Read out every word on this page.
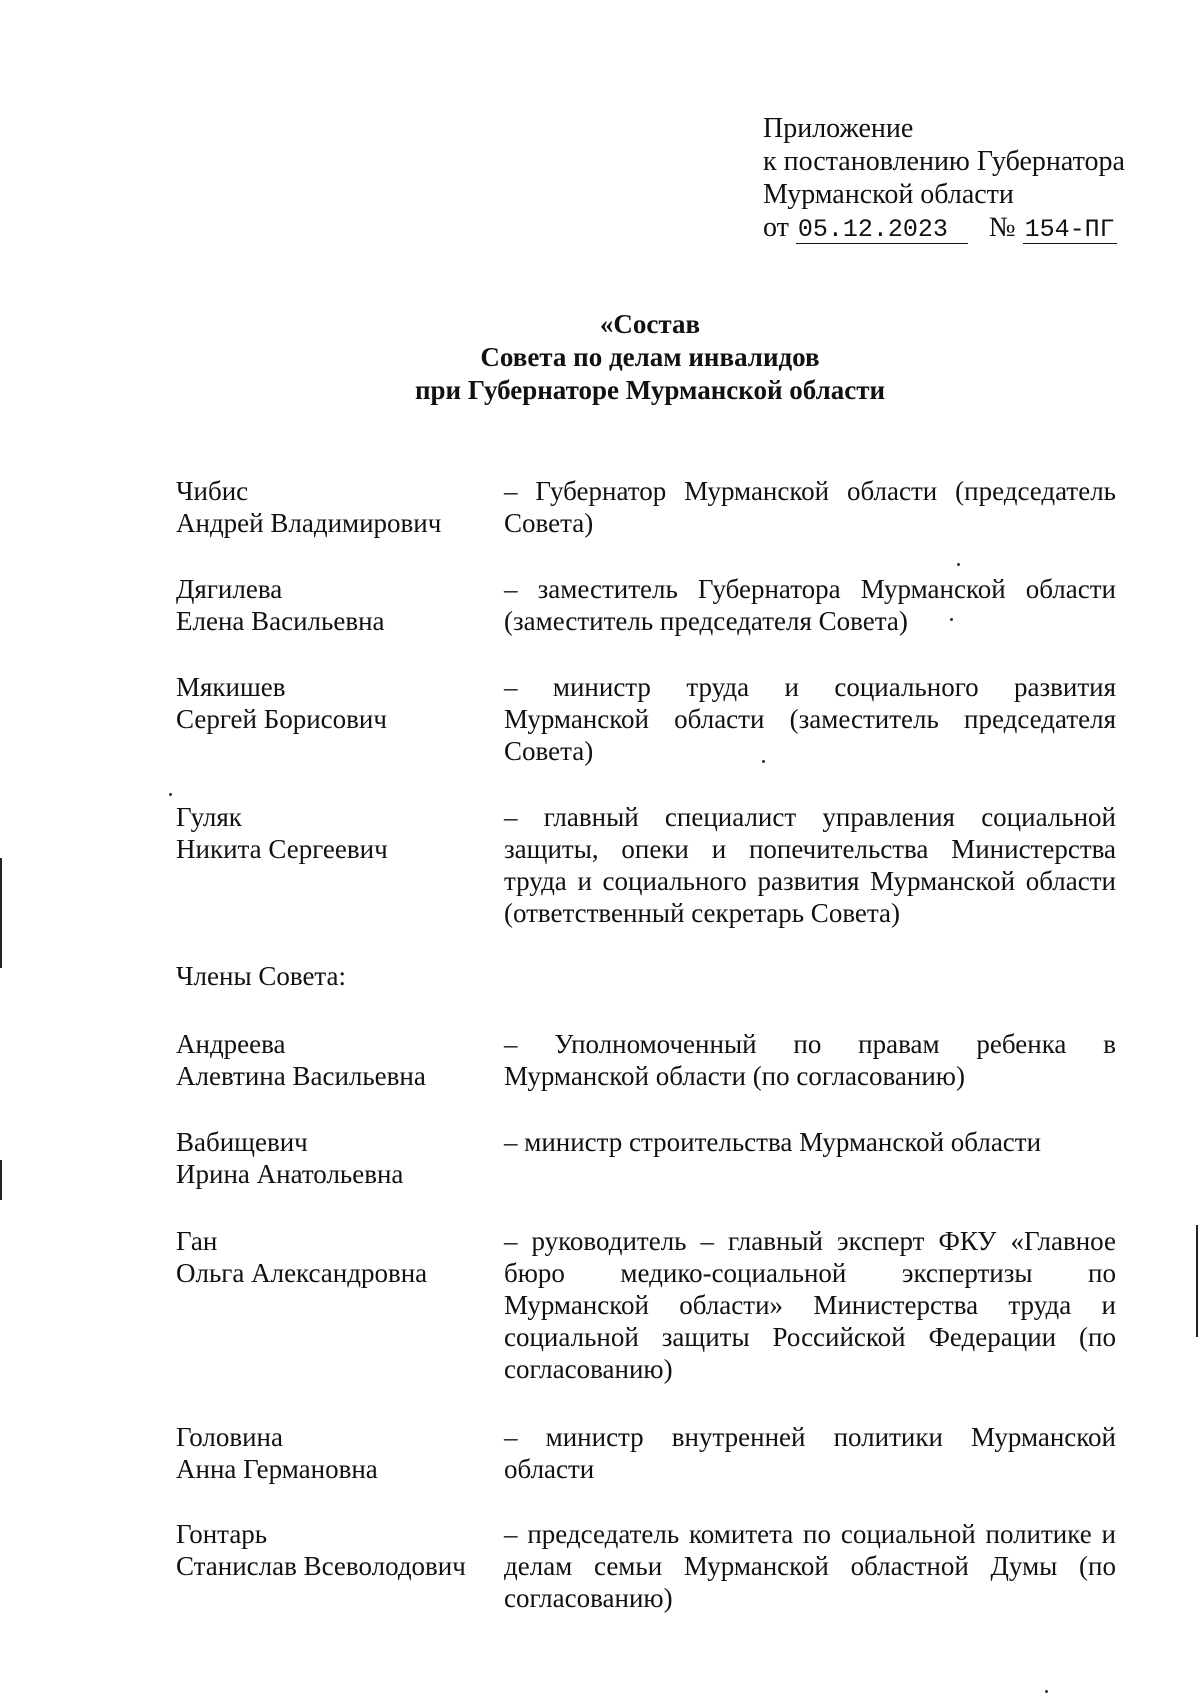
Приложение
к постановлению Губернатора
Мурманской области
от 05.12.2023 № 154-ПГ
«Состав
Совета по делам инвалидов
при Губернаторе Мурманской области
Чибис
Андрей Владимирович
– Губернатор Мурманской области (председатель Совета)
Дягилева
Елена Васильевна
– заместитель Губернатора Мурманской области (заместитель председателя Совета)
Мякишев
Сергей Борисович
– министр труда и социального развития Мурманской области (заместитель председателя Совета)
Гуляк
Никита Сергеевич
– главный специалист управления социальной защиты, опеки и попечительства Министерства труда и социального развития Мурманской области (ответственный секретарь Совета)
Члены Совета:
Андреева
Алевтина Васильевна
– Уполномоченный по правам ребенка в Мурманской области (по согласованию)
Вабищевич
Ирина Анатольевна
– министр строительства Мурманской области
Ган
Ольга Александровна
– руководитель – главный эксперт ФКУ «Главное бюро медико-социальной экспертизы по Мурманской области» Министерства труда и социальной защиты Российской Федерации (по согласованию)
Головина
Анна Германовна
– министр внутренней политики Мурманской области
Гонтарь
Станислав Всеволодович
– председатель комитета по социальной политике и делам семьи Мурманской областной Думы (по согласованию)
